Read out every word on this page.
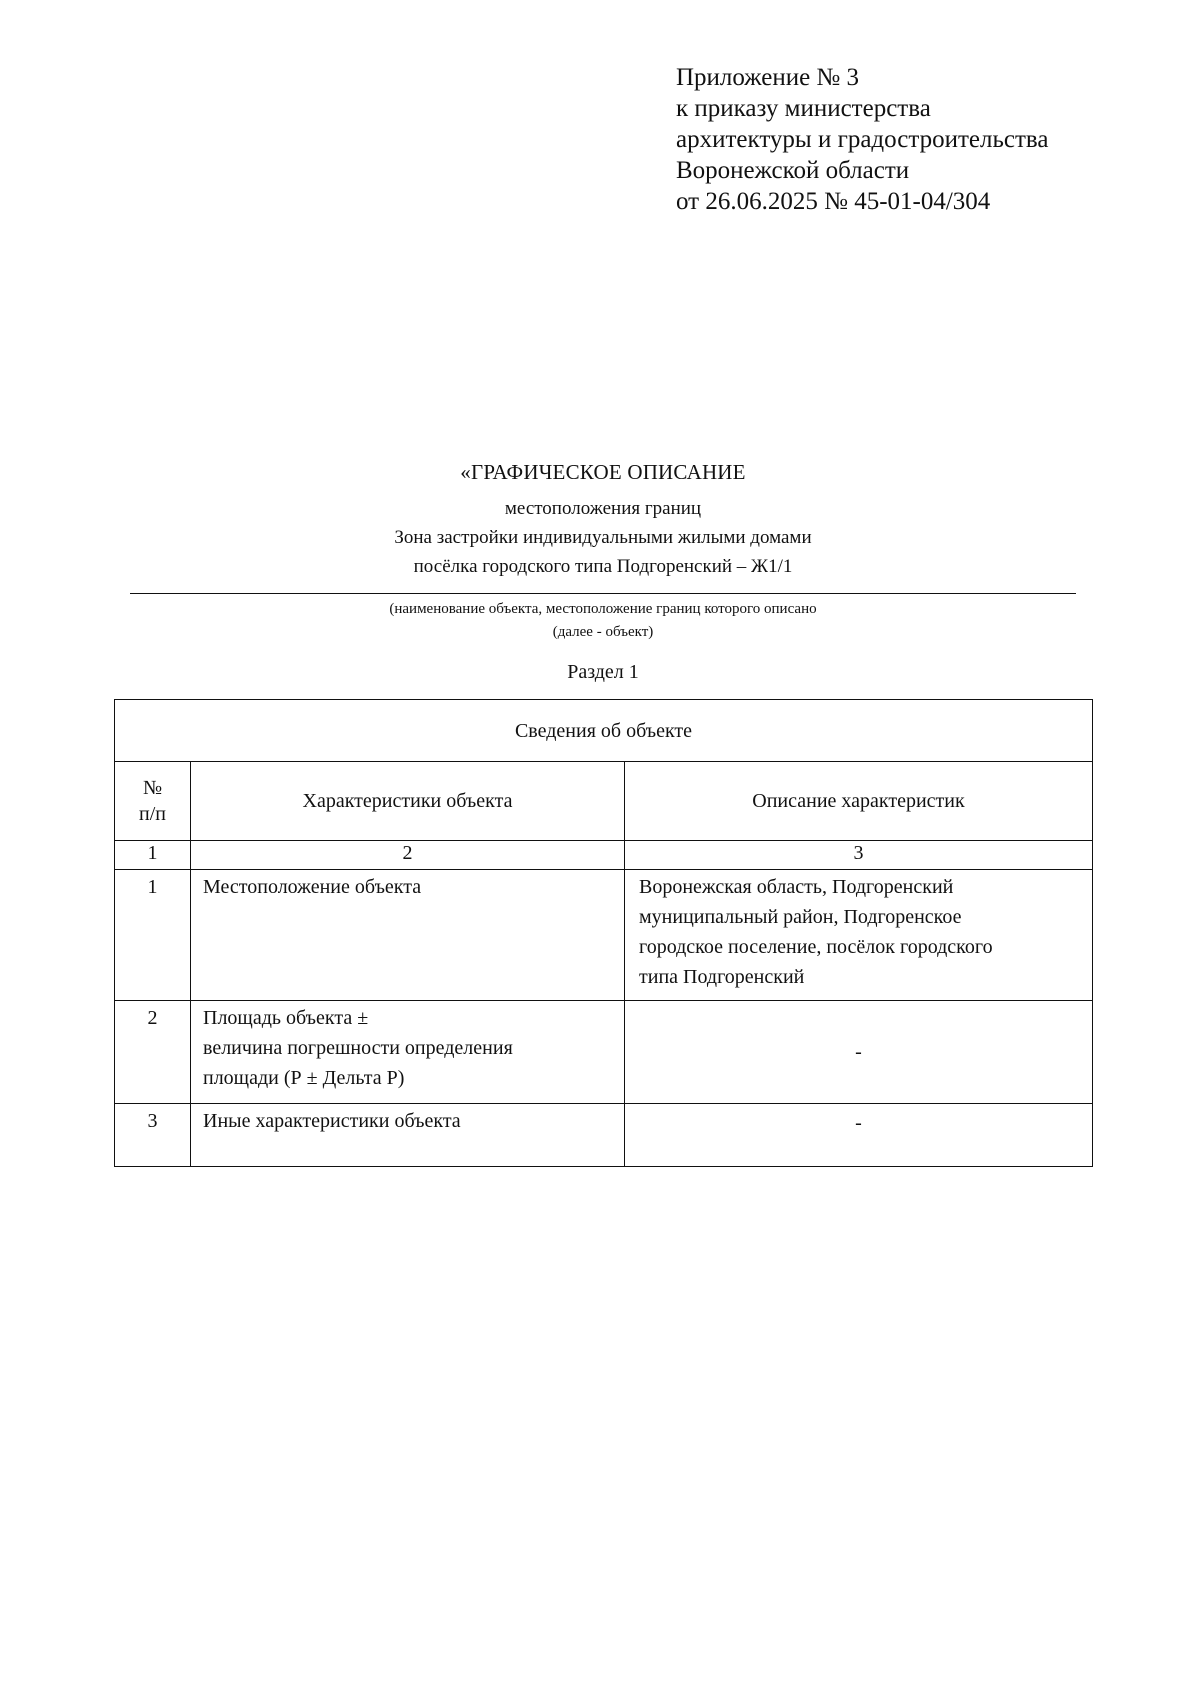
Приложение № 3
к приказу министерства
архитектуры и градостроительства
Воронежской области
от 26.06.2025 № 45-01-04/304
«ГРАФИЧЕСКОЕ ОПИСАНИЕ
местоположения границ
Зона застройки индивидуальными жилыми домами
посёлка городского типа Подгоренский – Ж1/1
(наименование объекта, местоположение границ которого описано
(далее - объект)
Раздел 1
Сведения об объекте		

№
п/п	Характеристики объекта	Описание характеристик
1	2	3
1	Местоположение объекта	Воронежская область, Подгоренский
муниципальный район, Подгоренское
городское поселение, посёлок городского
типа Подгоренский

2	Площадь объекта ±
величина погрешности определения
площади (Р ± Дельта Р)	-
3	Иные характеристики объекта	-
